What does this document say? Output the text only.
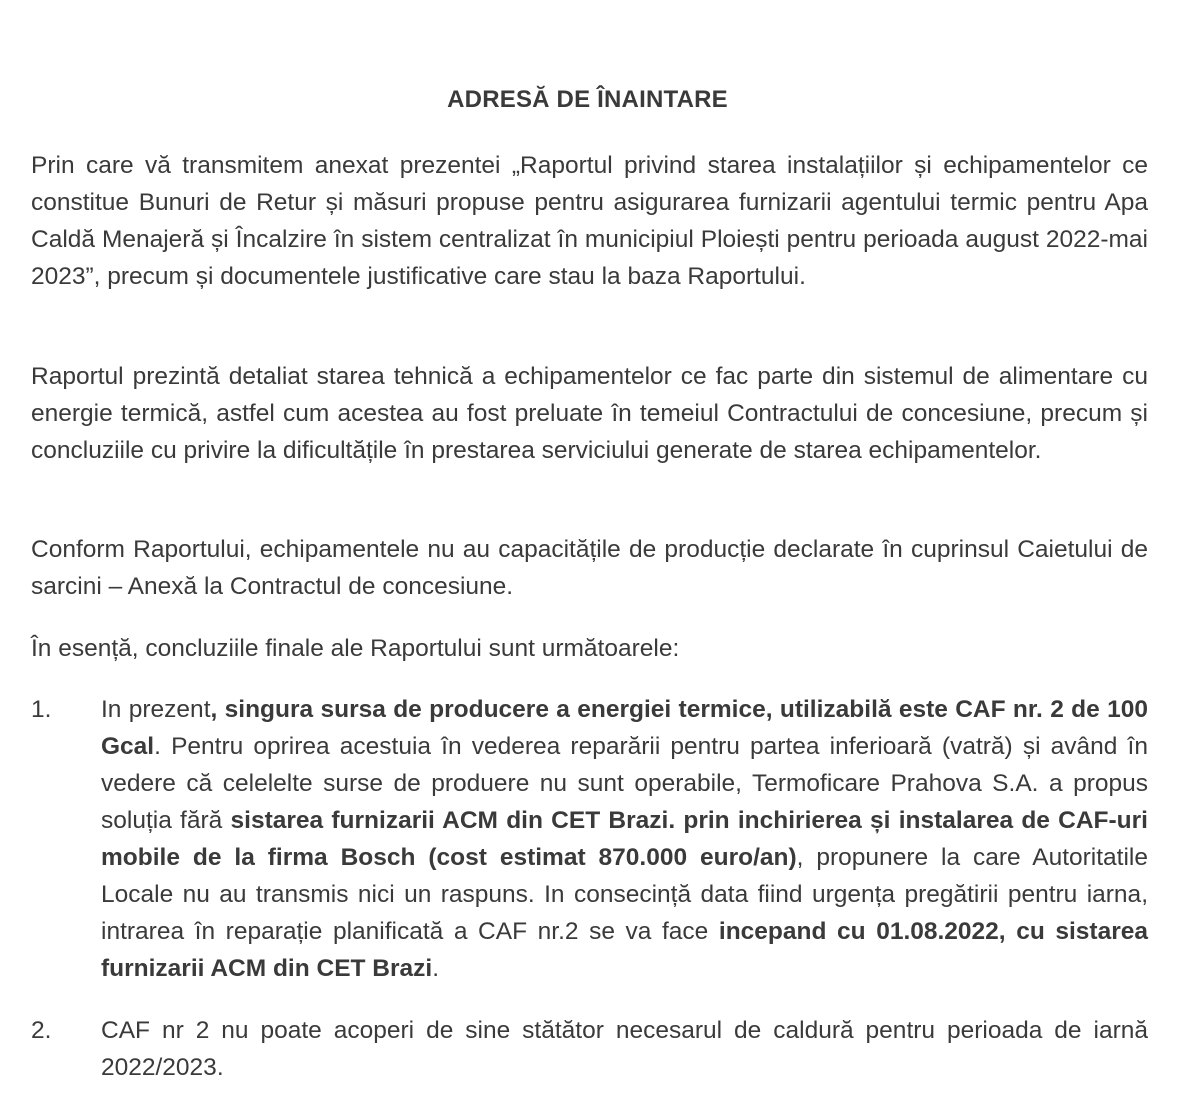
ADRESĂ DE ÎNAINTARE

Prin care vă transmitem anexat prezentei „Raportul privind starea instalațiilor și echipamentelor ce constitue Bunuri de Retur și măsuri propuse pentru asigurarea furnizarii agentului termic pentru Apa Caldă Menajeră și Încalzire în sistem centralizat în municipiul Ploiești pentru perioada august 2022-mai 2023”, precum și documentele justificative care stau la baza Raportului.

Raportul prezintă detaliat starea tehnică a echipamentelor ce fac parte din sistemul de alimentare cu energie termică, astfel cum acestea au fost preluate în temeiul Contractului de concesiune, precum și concluziile cu privire la dificultățile în prestarea serviciului generate de starea echipamentelor.

Conform Raportului, echipamentele nu au capacitățile de producție declarate în cuprinsul Caietului de sarcini – Anexă la Contractul de concesiune.

În esență, concluziile finale ale Raportului sunt următoarele:

1.	In prezent, singura sursa de producere a energiei termice, utilizabilă este CAF nr. 2 de 100 Gcal. Pentru oprirea acestuia în vederea reparării pentru partea inferioară (vatră) și având în vedere că celelelte surse de produere nu sunt operabile, Termoficare Prahova S.A. a propus soluția fără sistarea furnizarii ACM din CET Brazi. prin inchirierea și instalarea de CAF-uri mobile de la firma Bosch (cost estimat 870.000 euro/an), propunere la care Autoritatile Locale nu au transmis nici un raspuns. In consecință data fiind urgența pregătirii pentru iarna, intrarea în reparație planificată a CAF nr.2 se va face incepand cu 01.08.2022, cu sistarea furnizarii ACM din CET Brazi.
2.	CAF nr 2 nu poate acoperi de sine stătător necesarul de caldură pentru perioada de iarnă 2022/2023.
